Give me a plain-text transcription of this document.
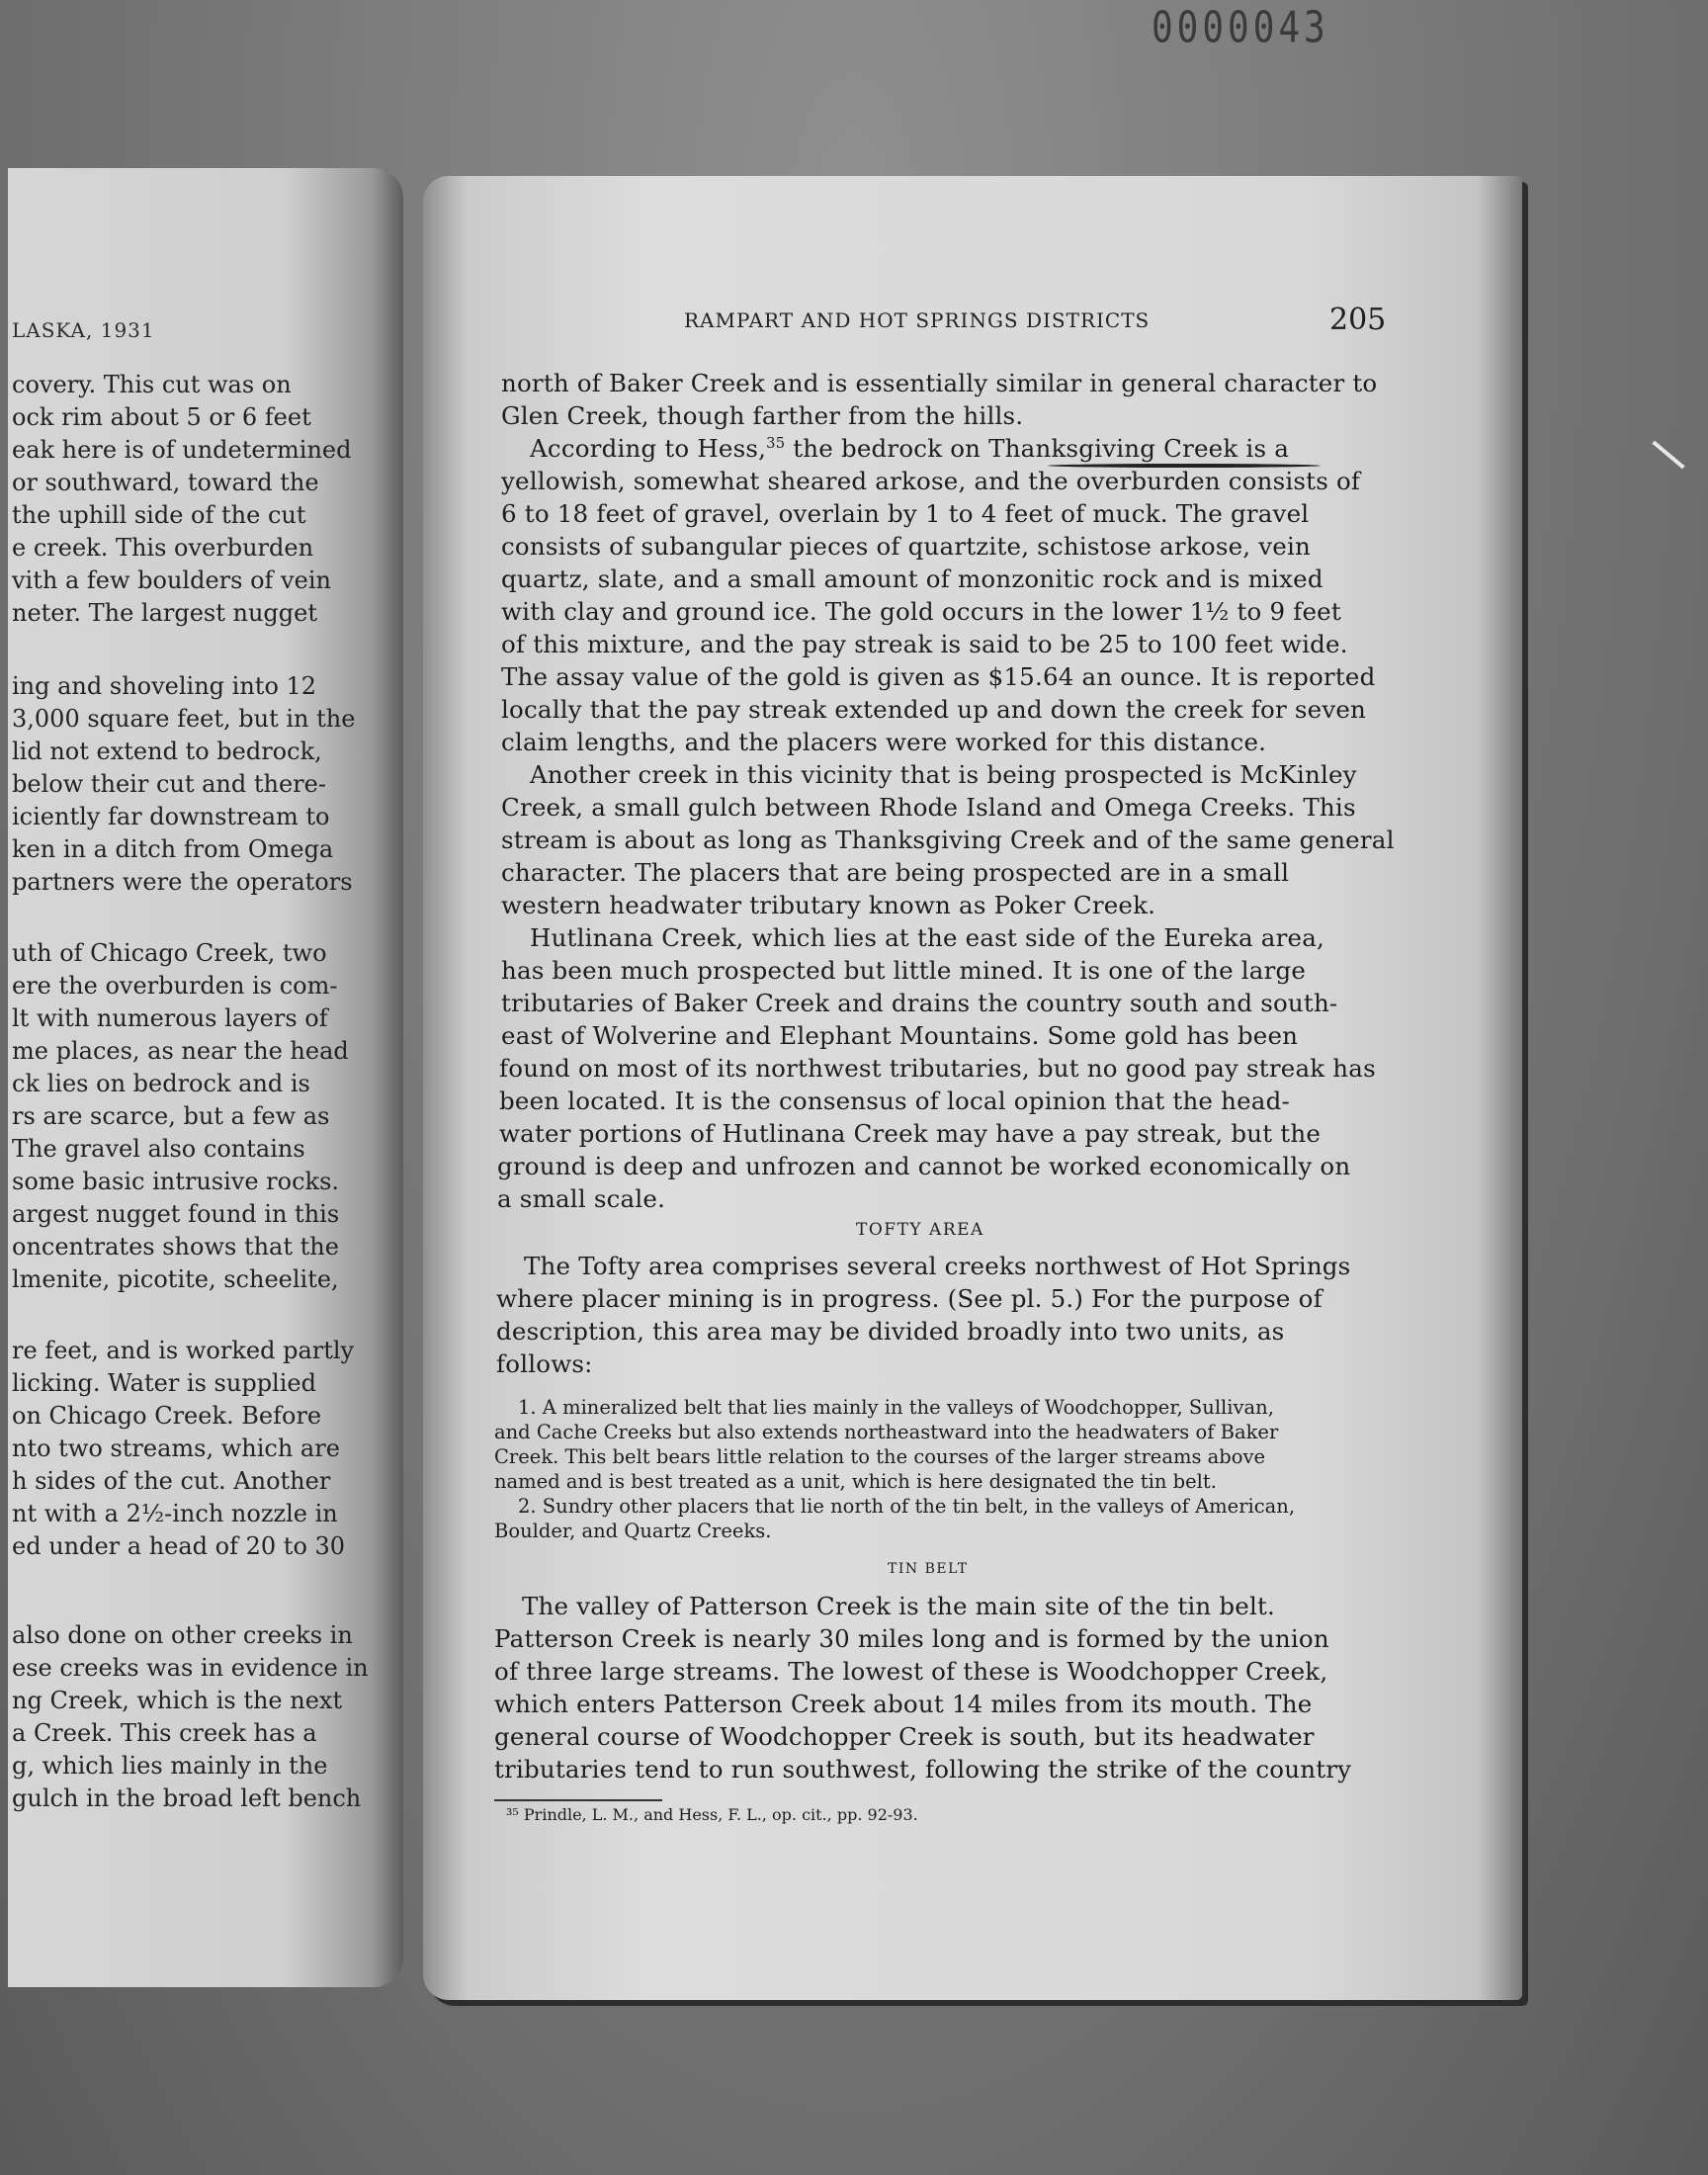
0000043
LASKA, 1931
covery. This cut was on
ock rim about 5 or 6 feet
eak here is of undetermined
or southward, toward the
the uphill side of the cut
e creek. This overburden
vith a few boulders of vein
neter. The largest nugget
ing and shoveling into 12
3,000 square feet, but in the
lid not extend to bedrock,
below their cut and there-
iciently far downstream to
ken in a ditch from Omega
partners were the operators
uth of Chicago Creek, two
ere the overburden is com-
lt with numerous layers of
me places, as near the head
ck lies on bedrock and is
rs are scarce, but a few as
The gravel also contains
some basic intrusive rocks.
argest nugget found in this
oncentrates shows that the
lmenite, picotite, scheelite,
re feet, and is worked partly
licking. Water is supplied
on Chicago Creek. Before
nto two streams, which are
h sides of the cut. Another
nt with a 2½-inch nozzle in
ed under a head of 20 to 30
also done on other creeks in
ese creeks was in evidence in
ng Creek, which is the next
a Creek. This creek has a
g, which lies mainly in the
gulch in the broad left bench
RAMPART AND HOT SPRINGS DISTRICTS	205
north of Baker Creek and is essentially similar in general character to
Glen Creek, though farther from the hills.
According to Hess,$^{35}$ the bedrock on Thanksgiving Creek is a
yellowish, somewhat sheared arkose, and the overburden consists of
6 to 18 feet of gravel, overlain by 1 to 4 feet of muck. The gravel
consists of subangular pieces of quartzite, schistose arkose, vein
quartz, slate, and a small amount of monzonitic rock and is mixed
with clay and ground ice. The gold occurs in the lower 1½ to 9 feet
of this mixture, and the pay streak is said to be 25 to 100 feet wide.
The assay value of the gold is given as $15.64 an ounce. It is reported
locally that the pay streak extended up and down the creek for seven
claim lengths, and the placers were worked for this distance.
Another creek in this vicinity that is being prospected is McKinley
Creek, a small gulch between Rhode Island and Omega Creeks. This
stream is about as long as Thanksgiving Creek and of the same general
character. The placers that are being prospected are in a small
western headwater tributary known as Poker Creek.
Hutlinana Creek, which lies at the east side of the Eureka area,
has been much prospected but little mined. It is one of the large
tributaries of Baker Creek and drains the country south and south-
east of Wolverine and Elephant Mountains. Some gold has been
found on most of its northwest tributaries, but no good pay streak has
been located. It is the consensus of local opinion that the head-
water portions of Hutlinana Creek may have a pay streak, but the
ground is deep and unfrozen and cannot be worked economically on
a small scale.
TOFTY AREA
The Tofty area comprises several creeks northwest of Hot Springs
where placer mining is in progress. (See pl. 5.) For the purpose of
description, this area may be divided broadly into two units, as
follows:
1. A mineralized belt that lies mainly in the valleys of Woodchopper, Sullivan,
and Cache Creeks but also extends northeastward into the headwaters of Baker
Creek. This belt bears little relation to the courses of the larger streams above
named and is best treated as a unit, which is here designated the tin belt.
2. Sundry other placers that lie north of the tin belt, in the valleys of American,
Boulder, and Quartz Creeks.
TIN BELT
The valley of Patterson Creek is the main site of the tin belt.
Patterson Creek is nearly 30 miles long and is formed by the union
of three large streams. The lowest of these is Woodchopper Creek,
which enters Patterson Creek about 14 miles from its mouth. The
general course of Woodchopper Creek is south, but its headwater
tributaries tend to run southwest, following the strike of the country
³⁵ Prindle, L. M., and Hess, F. L., op. cit., pp. 92-93.
